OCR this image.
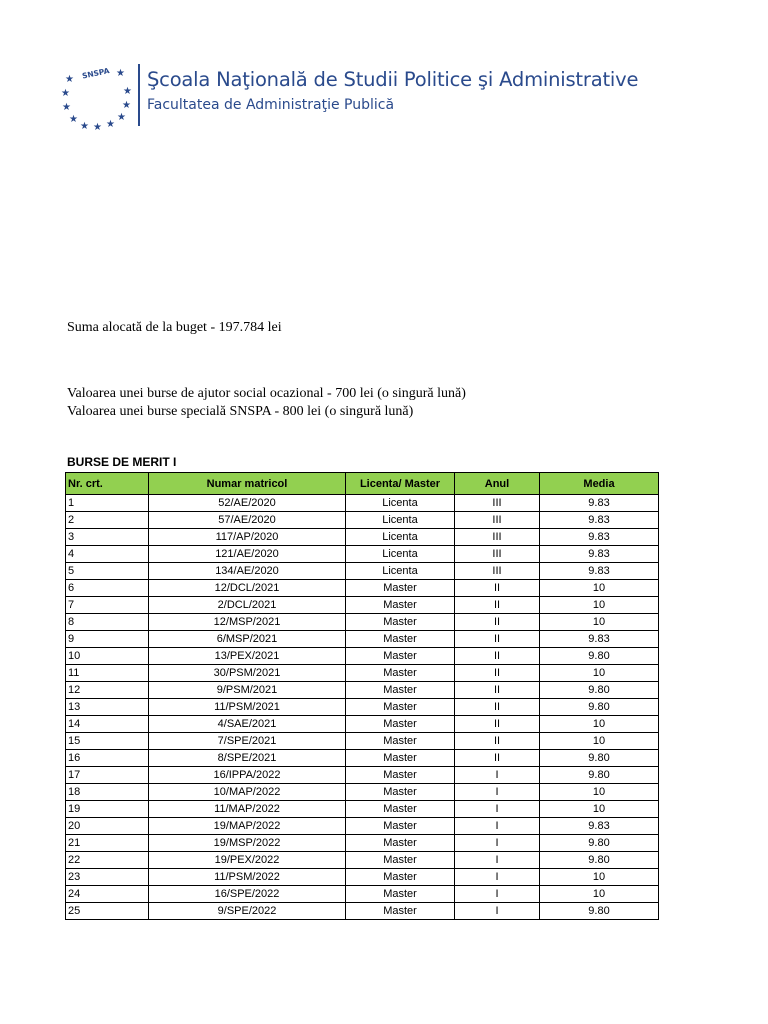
SNSPA
★
★
★
★
★ ★ ★
★
★
★
★ Şcoala Naţională de Studii Politice şi Administrative
Facultatea de Administraţie Publică
Suma alocată de la buget - 197.784 lei
Valoarea unei burse de ajutor social ocazional - 700 lei (o singură lună)
Valoarea unei burse specială SNSPA - 800 lei (o singură lună)
BURSE DE MERIT I
Nr. crt.	Numar matricol	Licenta/ Master	Anul	Media
1	52/AE/2020	Licenta	III	9.83
2	57/AE/2020	Licenta	III	9.83
3	117/AP/2020	Licenta	III	9.83
4	121/AE/2020	Licenta	III	9.83
5	134/AE/2020	Licenta	III	9.83
6	12/DCL/2021	Master	II	10
7	2/DCL/2021	Master	II	10
8	12/MSP/2021	Master	II	10
9	6/MSP/2021	Master	II	9.83
10	13/PEX/2021	Master	II	9.80
11	30/PSM/2021	Master	II	10
12	9/PSM/2021	Master	II	9.80
13	11/PSM/2021	Master	II	9.80
14	4/SAE/2021	Master	II	10
15	7/SPE/2021	Master	II	10
16	8/SPE/2021	Master	II	9.80
17	16/IPPA/2022	Master	I	9.80
18	10/MAP/2022	Master	I	10
19	11/MAP/2022	Master	I	10
20	19/MAP/2022	Master	I	9.83
21	19/MSP/2022	Master	I	9.80
22	19/PEX/2022	Master	I	9.80
23	11/PSM/2022	Master	I	10
24	16/SPE/2022	Master	I	10
25	9/SPE/2022	Master	I	9.80
